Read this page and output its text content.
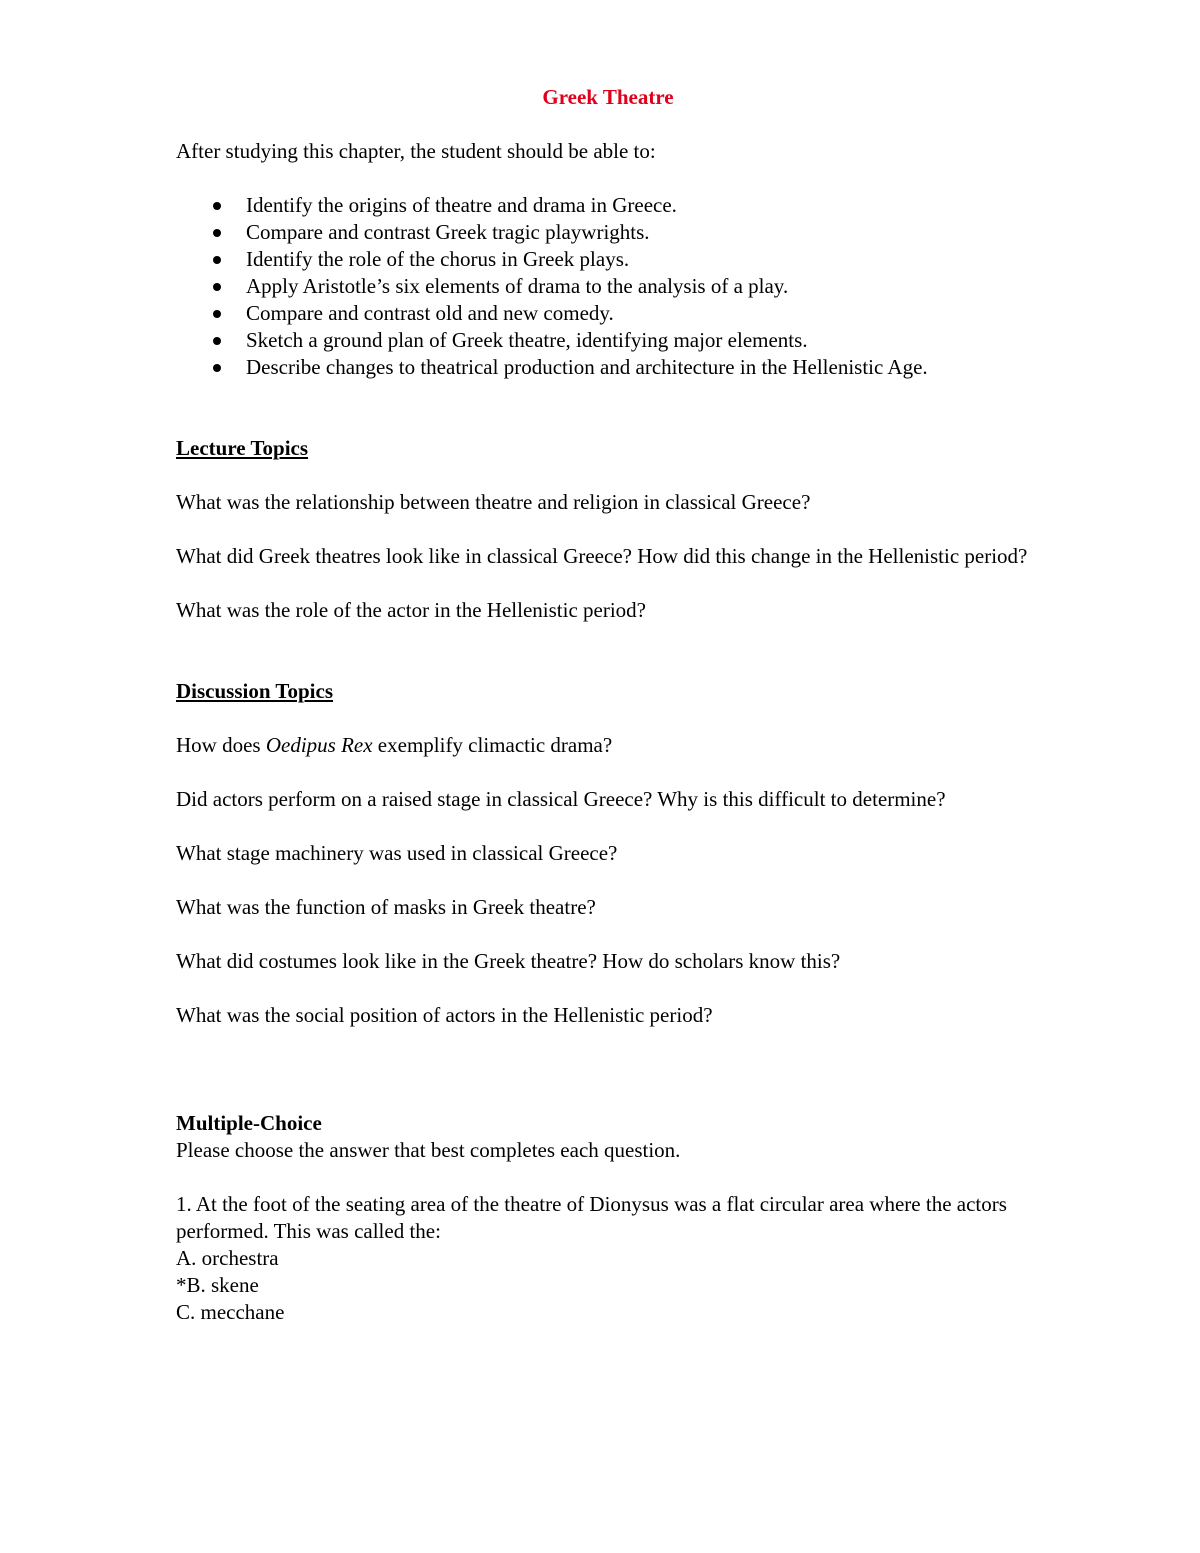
Greek Theatre

After studying this chapter, the student should be able to:

Identify the origins of theatre and drama in Greece.
Compare and contrast Greek tragic playwrights.
Identify the role of the chorus in Greek plays.
Apply Aristotle’s six elements of drama to the analysis of a play.
Compare and contrast old and new comedy.
Sketch a ground plan of Greek theatre, identifying major elements.
Describe changes to theatrical production and architecture in the Hellenistic Age.

Lecture Topics

What was the relationship between theatre and religion in classical Greece?

What did Greek theatres look like in classical Greece? How did this change in the Hellenistic period?

What was the role of the actor in the Hellenistic period?

Discussion Topics

How does Oedipus Rex exemplify climactic drama?

Did actors perform on a raised stage in classical Greece? Why is this difficult to determine?

What stage machinery was used in classical Greece?

What was the function of masks in Greek theatre?

What did costumes look like in the Greek theatre? How do scholars know this?

What was the social position of actors in the Hellenistic period?

Multiple-Choice

Please choose the answer that best completes each question.

1. At the foot of the seating area of the theatre of Dionysus was a flat circular area where the actors performed. This was called the:

A. orchestra
*B. skene
C. mecchane
